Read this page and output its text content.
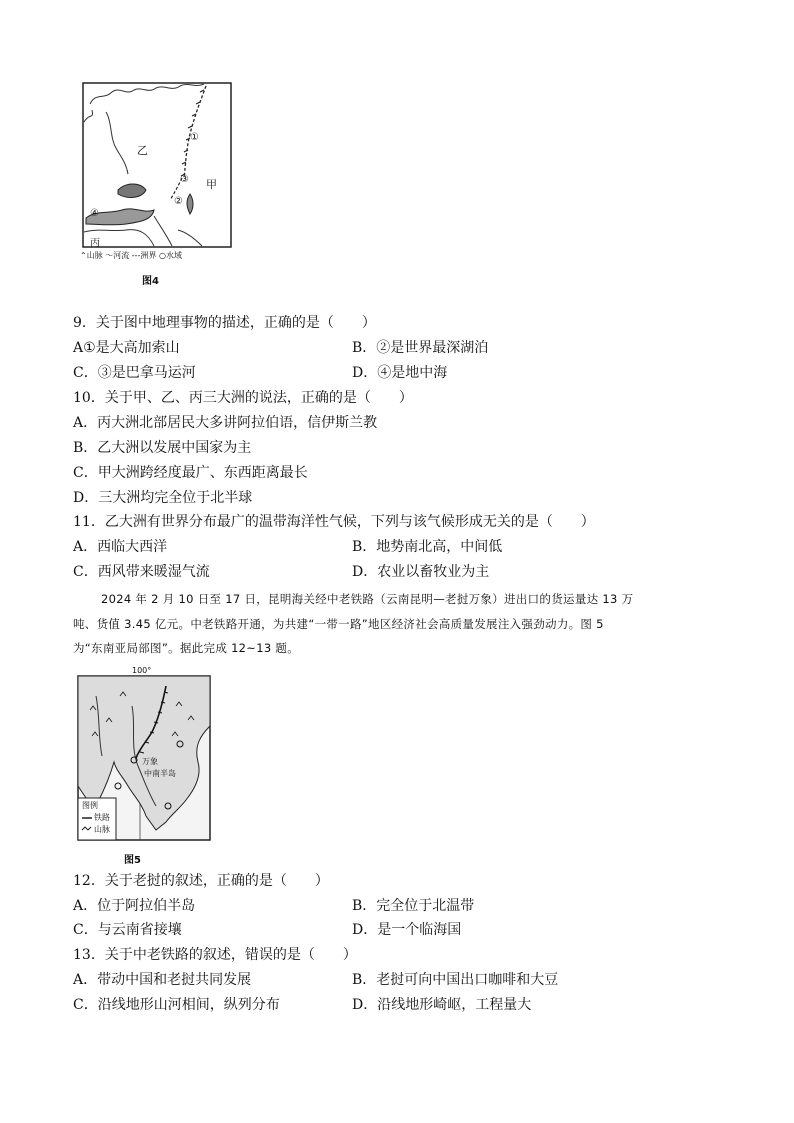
乙
甲
丙
①
②
③
④
⌃山脉 〜河流 ---洲界 ○水域
图4
9．关于图中地理事物的描述，正确的是（　　）
A①是大高加索山	B．②是世界最深湖泊
C．③是巴拿马运河	D．④是地中海
10．关于甲、乙、丙三大洲的说法，正确的是（　　）
A．丙大洲北部居民大多讲阿拉伯语，信伊斯兰教
B．乙大洲以发展中国家为主
C．甲大洲跨经度最广、东西距离最长
D．三大洲均完全位于北半球
11．乙大洲有世界分布最广的温带海洋性气候，下列与该气候形成无关的是（　　）
A．西临大西洋	B．地势南北高，中间低
C．西风带来暖湿气流	D．农业以畜牧业为主
2024 年 2 月 10 日至 17 日，昆明海关经中老铁路（云南昆明—老挝万象）进出口的货运量达 13 万
吨、货值 3.45 亿元。中老铁路开通，为共建“一带一路”地区经济社会高质量发展注入强劲动力。图 5
为“东南亚局部图”。据此完成 12~13 题。
100°
万象
中南半岛
图例
铁路
山脉
图5
12．关于老挝的叙述，正确的是（　　）
A．位于阿拉伯半岛	B．完全位于北温带
C．与云南省接壤	D．是一个临海国
13．关于中老铁路的叙述，错误的是（　　）
A．带动中国和老挝共同发展	B．老挝可向中国出口咖啡和大豆
C．沿线地形山河相间，纵列分布	D．沿线地形崎岖，工程量大
